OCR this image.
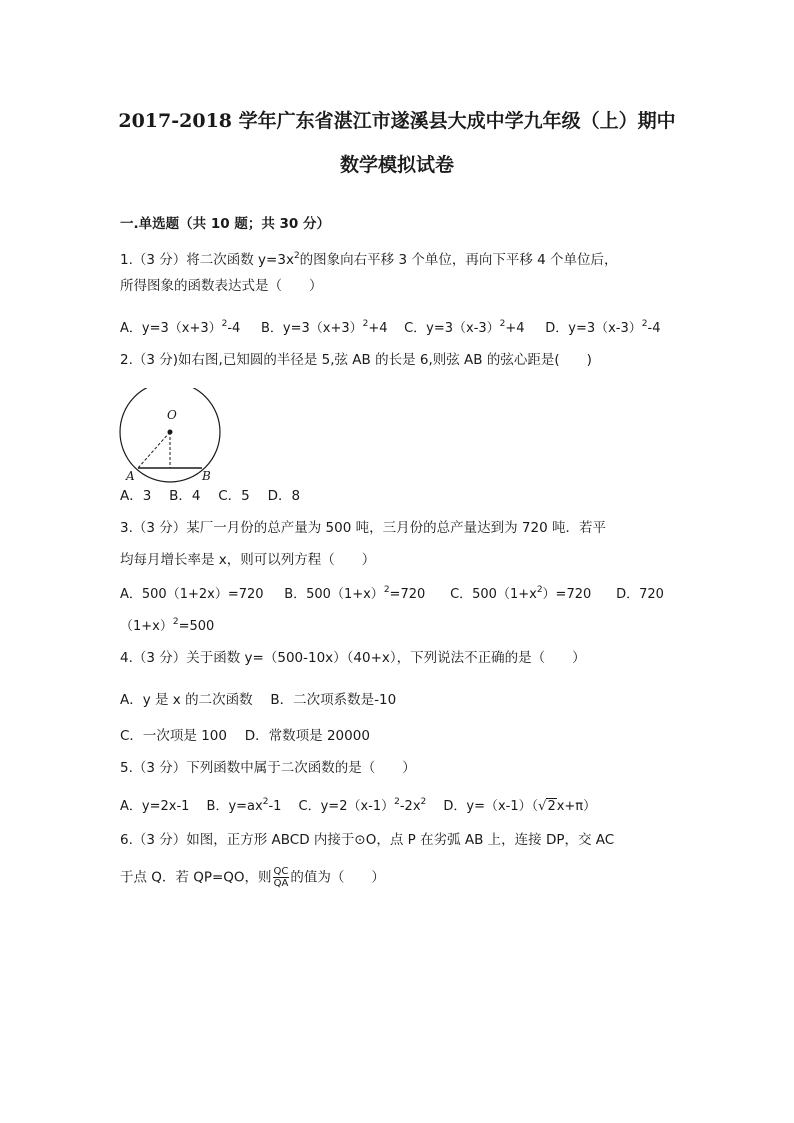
2017-2018 学年广东省湛江市遂溪县大成中学九年级（上）期中
数学模拟试卷
一.单选题（共 10 题；共 30 分）
1.（3 分）将二次函数 $y=3x^2$的图象向右平移 3 个单位，再向下平移 4 个单位后，
所得图象的函数表达式是（　　）
A．$y=3(x+3)^2-4$ B．$y=3(x+3)^2+4$ C．$y=3(x-3)^2+4$ D．$y=3(x-3)^2-4$
2.（3 分)如右图,已知圆的半径是 5,弦 AB 的长是 6,则弦 AB 的弦心距是(　　)
O
A	B
A．3　 B．4　 C．5　 D．8
3.（3 分）某厂一月份的总产量为 500 吨，三月份的总产量达到为 720 吨．若平
均每月增长率是 x，则可以列方程（　　）
A．500（1+2x）=720 B．$500(1+x)^2=720$ C．$500(1+x^2)=720$ D．720
$(1+x)^2=500$
4.（3 分）关于函数 y=（500-10x）（40+x），下列说法不正确的是（　　）
A．y 是 x 的二次函数　 B．二次项系数是-10
C．一次项是 100　 D．常数项是 20000
5.（3 分）下列函数中属于二次函数的是（　　）
A．y=2x-1　 B．$y=ax^2-1$　 C．$y=2(x-1)^2-2x^2$　 D．y=（x-1）（√2x+π）
6.（3 分）如图，正方形 ABCD 内接于⊙O，点 P 在劣弧 AB 上，连接 DP，交 AC
于点 Q．若 QP=QO，则 $\frac{QC}{QA}$ 的值为（　　）
